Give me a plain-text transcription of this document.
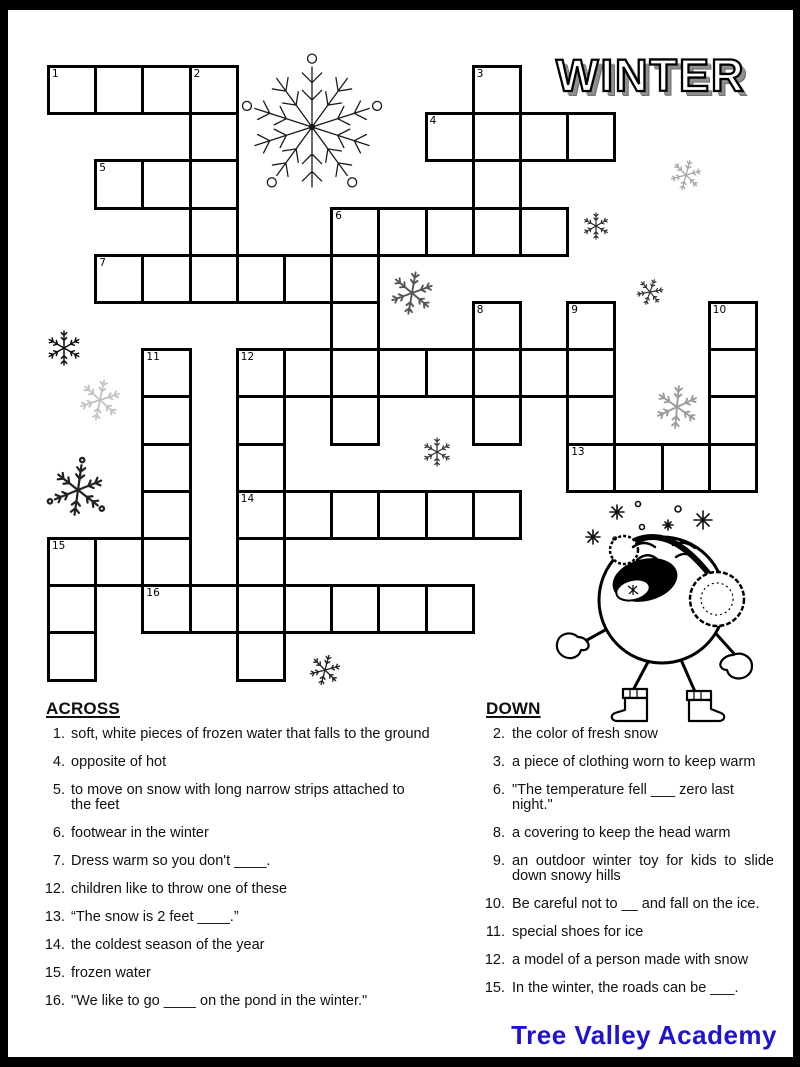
WINTER
1	2	3
4
5
6
7
8	9	10
11	12
13
14
15
16
ACROSS
1. soft, white pieces of frozen water that falls to the ground
4. opposite of hot
5. to move on snow with long narrow strips attached to
the feet
6. footwear in the winter
7. Dress warm so you don't ____.
12. children like to throw one of these
13. “The snow is 2 feet ____.”
14. the coldest season of the year
15. frozen water
16. "We like to go ____ on the pond in the winter."
DOWN
2. the color of fresh snow
3. a piece of clothing worn to keep warm
6. "The temperature fell ___ zero last night."
8. a covering to keep the head warm
9. an outdoor winter toy for kids to slide
down snowy hills
10. Be careful not to __ and fall on the ice.
11. special shoes for ice
12. a model of a person made with snow
15. In the winter, the roads can be ___.
Tree Valley Academy
